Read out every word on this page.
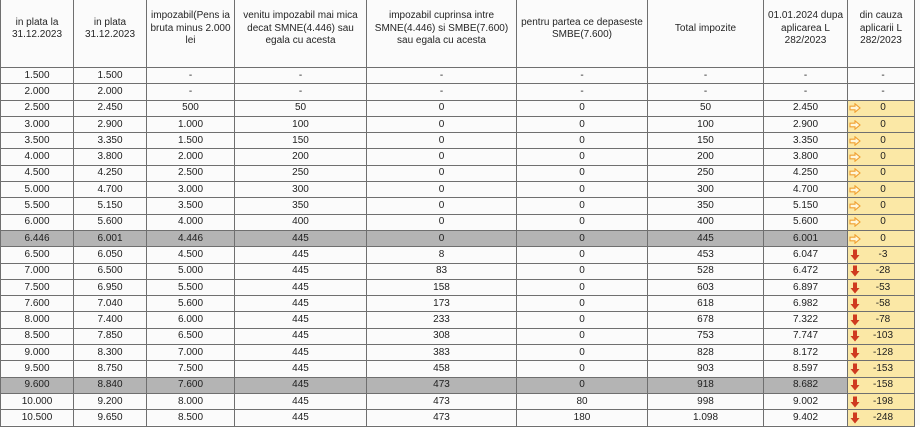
in plata la 31.12.2023	in plata 31.12.2023	impozabil(Pens ia bruta minus 2.000 lei	venitu impozabil mai mica decat SMNE(4.446) sau egala cu acesta	impozabil cuprinsa intre SMNE(4.446) si SMBE(7.600) sau egala cu acesta	pentru partea ce depaseste SMBE(7.600)	Total impozite	01.01.2024 dupa aplicarea L 282/2023	din cauza aplicarii L 282/2023
1.500	1.500	-	-	-	-	-	-	-

2.000	2.000	-	-	-	-	-	-	-

2.500	2.450	500	50	0	0	50	2.450	0

3.000	2.900	1.000	100	0	0	100	2.900	0

3.500	3.350	1.500	150	0	0	150	3.350	0

4.000	3.800	2.000	200	0	0	200	3.800	0

4.500	4.250	2.500	250	0	0	250	4.250	0

5.000	4.700	3.000	300	0	0	300	4.700	0

5.500	5.150	3.500	350	0	0	350	5.150	0

6.000	5.600	4.000	400	0	0	400	5.600	0

6.446	6.001	4.446	445	0	0	445	6.001	0

6.500	6.050	4.500	445	8	0	453	6.047	-3

7.000	6.500	5.000	445	83	0	528	6.472	-28

7.500	6.950	5.500	445	158	0	603	6.897	-53

7.600	7.040	5.600	445	173	0	618	6.982	-58

8.000	7.400	6.000	445	233	0	678	7.322	-78

8.500	7.850	6.500	445	308	0	753	7.747	-103

9.000	8.300	7.000	445	383	0	828	8.172	-128

9.500	8.750	7.500	445	458	0	903	8.597	-153

9.600	8.840	7.600	445	473	0	918	8.682	-158

10.000	9.200	8.000	445	473	80	998	9.002	-198

10.500	9.650	8.500	445	473	180	1.098	9.402	-248
